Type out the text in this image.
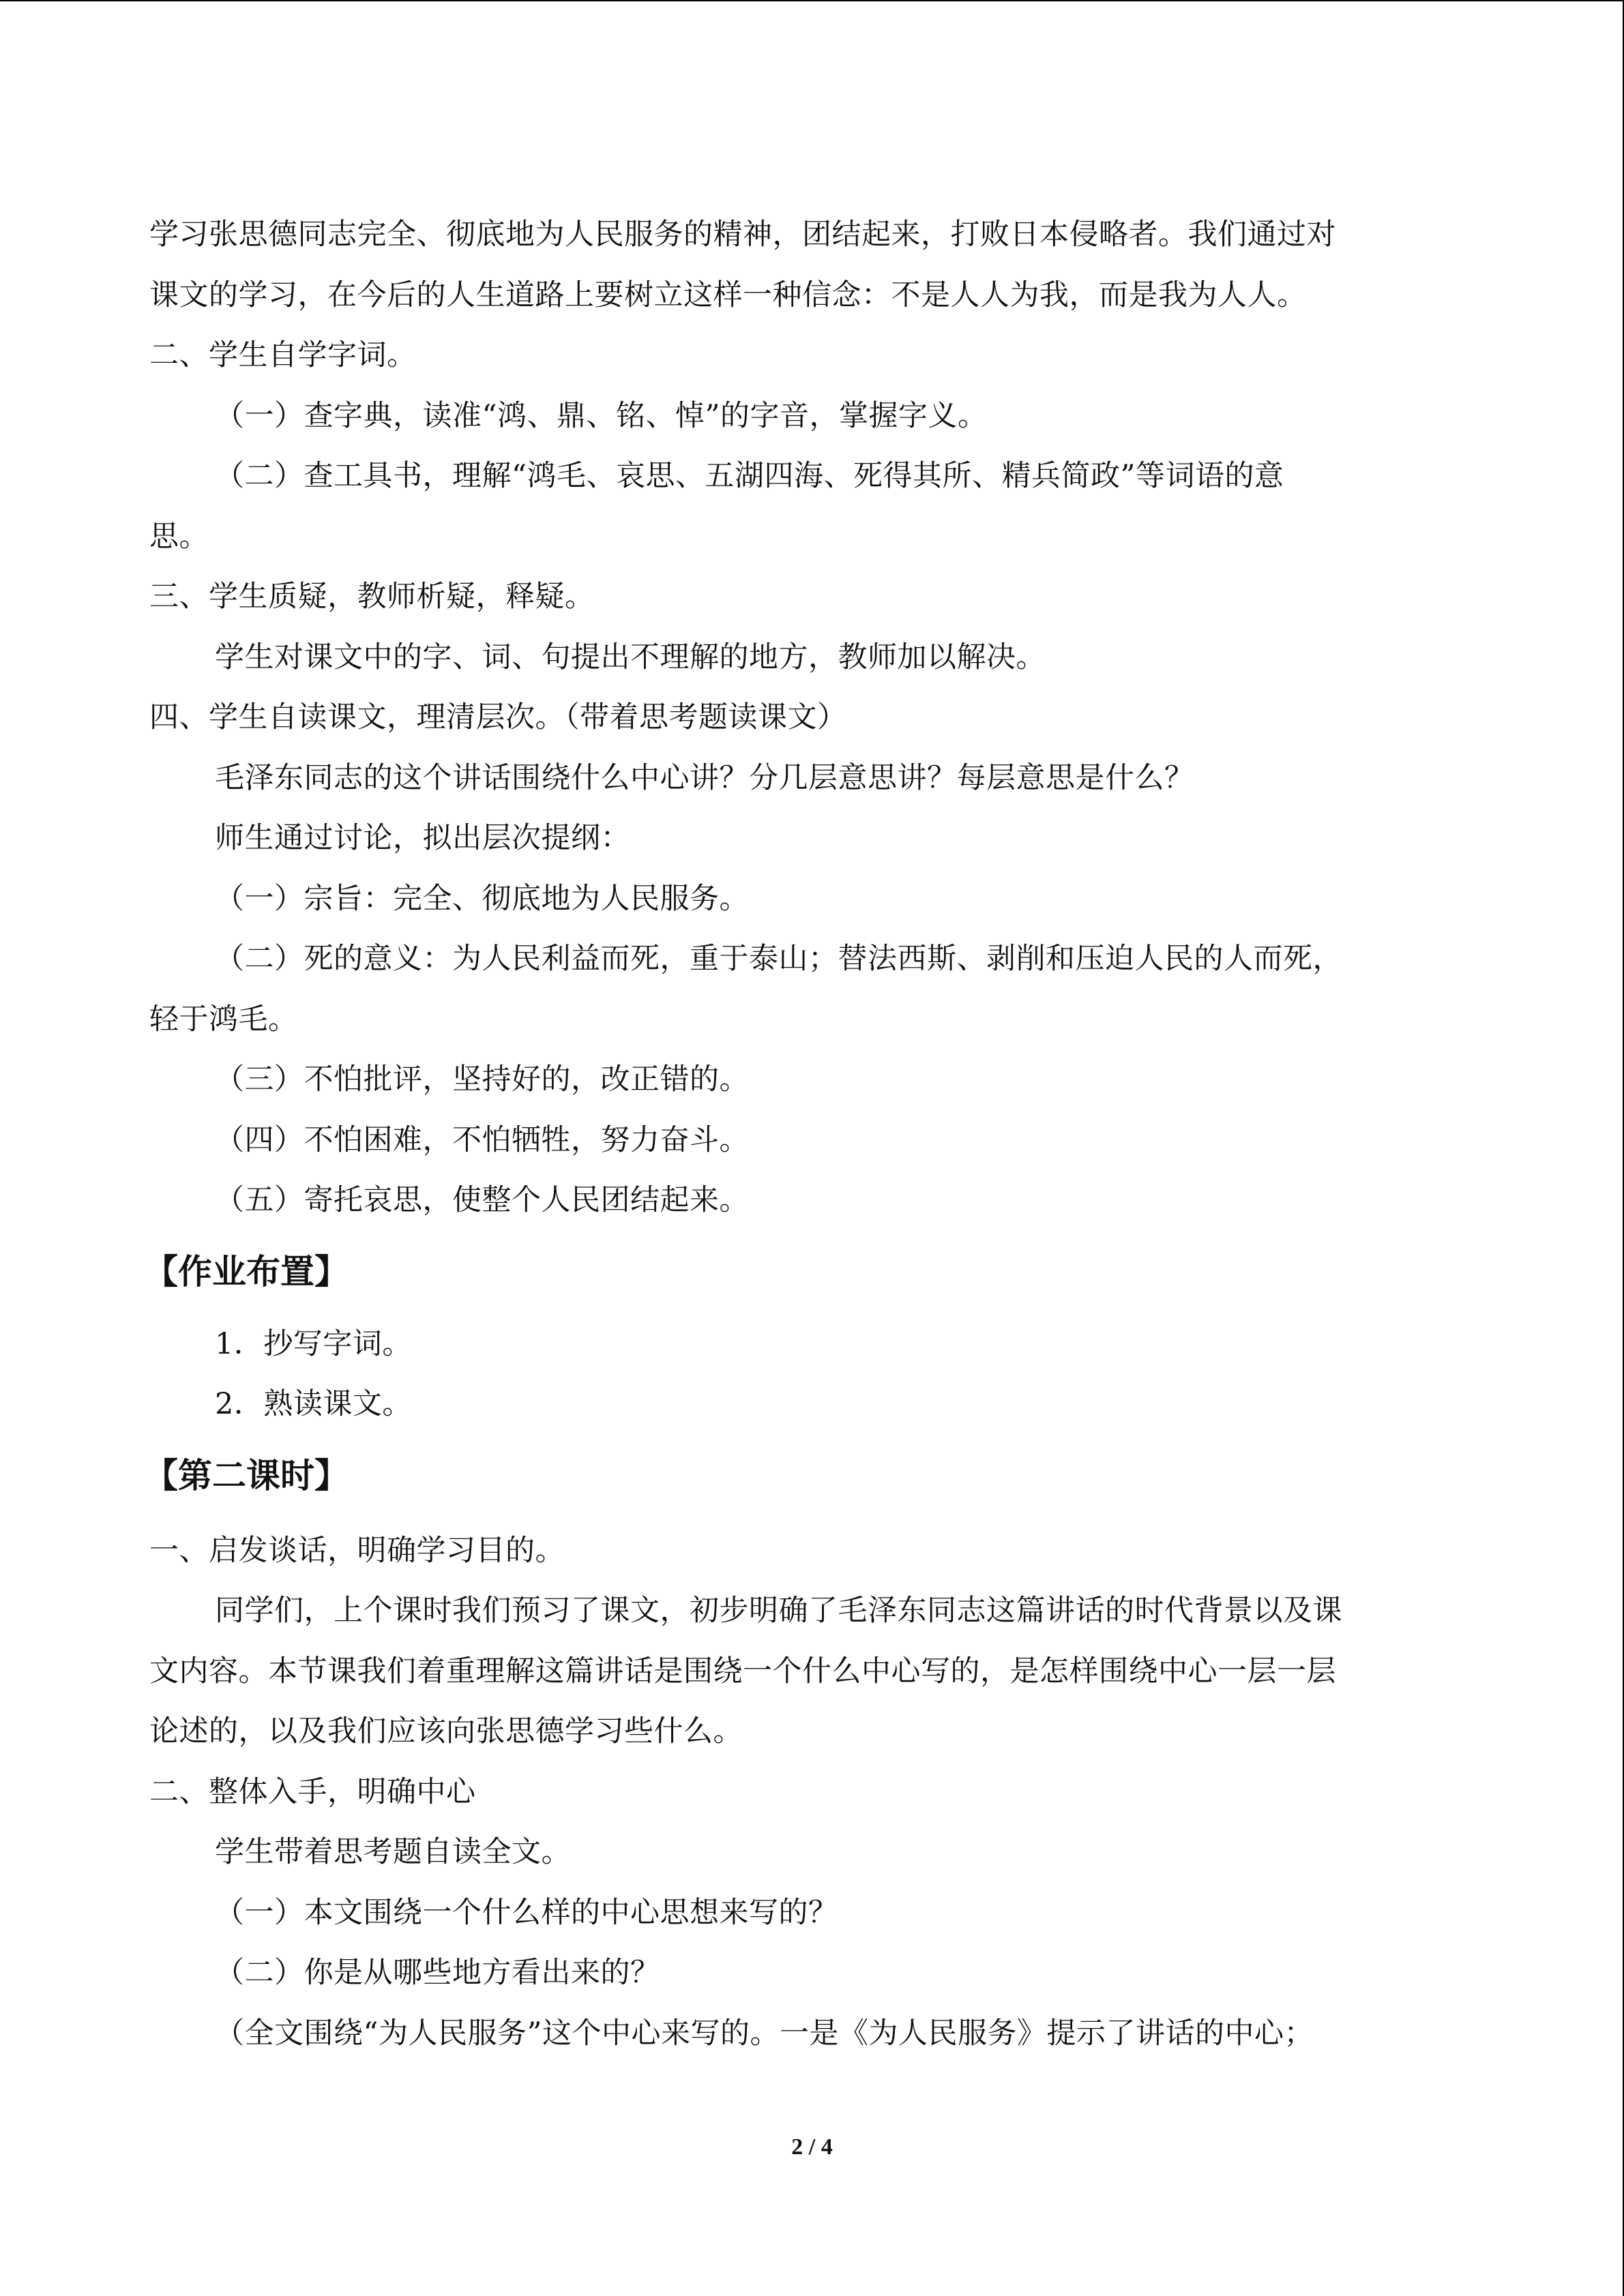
学习张思德同志完全、彻底地为人民服务的精神，团结起来，打败日本侵略者。我们通过对
课文的学习，在今后的人生道路上要树立这样一种信念：不是人人为我，而是我为人人。
二、学生自学字词。
（一）查字典，读准“鸿、鼎、铭、悼”的字音，掌握字义。
（二）查工具书，理解“鸿毛、哀思、五湖四海、死得其所、精兵简政”等词语的意
思。
三、学生质疑，教师析疑，释疑。
学生对课文中的字、词、句提出不理解的地方，教师加以解决。
四、学生自读课文，理清层次。（带着思考题读课文）
毛泽东同志的这个讲话围绕什么中心讲？分几层意思讲？每层意思是什么？
师生通过讨论，拟出层次提纲：
（一）宗旨：完全、彻底地为人民服务。
（二）死的意义：为人民利益而死，重于泰山；替法西斯、剥削和压迫人民的人而死，
轻于鸿毛。
（三）不怕批评，坚持好的，改正错的。
（四）不怕困难，不怕牺牲，努力奋斗。
（五）寄托哀思，使整个人民团结起来。
【作业布置】
1．抄写字词。
2．熟读课文。
【第二课时】
一、启发谈话，明确学习目的。
同学们，上个课时我们预习了课文，初步明确了毛泽东同志这篇讲话的时代背景以及课
文内容。本节课我们着重理解这篇讲话是围绕一个什么中心写的，是怎样围绕中心一层一层
论述的，以及我们应该向张思德学习些什么。
二、整体入手，明确中心
学生带着思考题自读全文。
（一）本文围绕一个什么样的中心思想来写的？
（二）你是从哪些地方看出来的？
（全文围绕“为人民服务”这个中心来写的。一是《为人民服务》提示了讲话的中心；
2 / 4
